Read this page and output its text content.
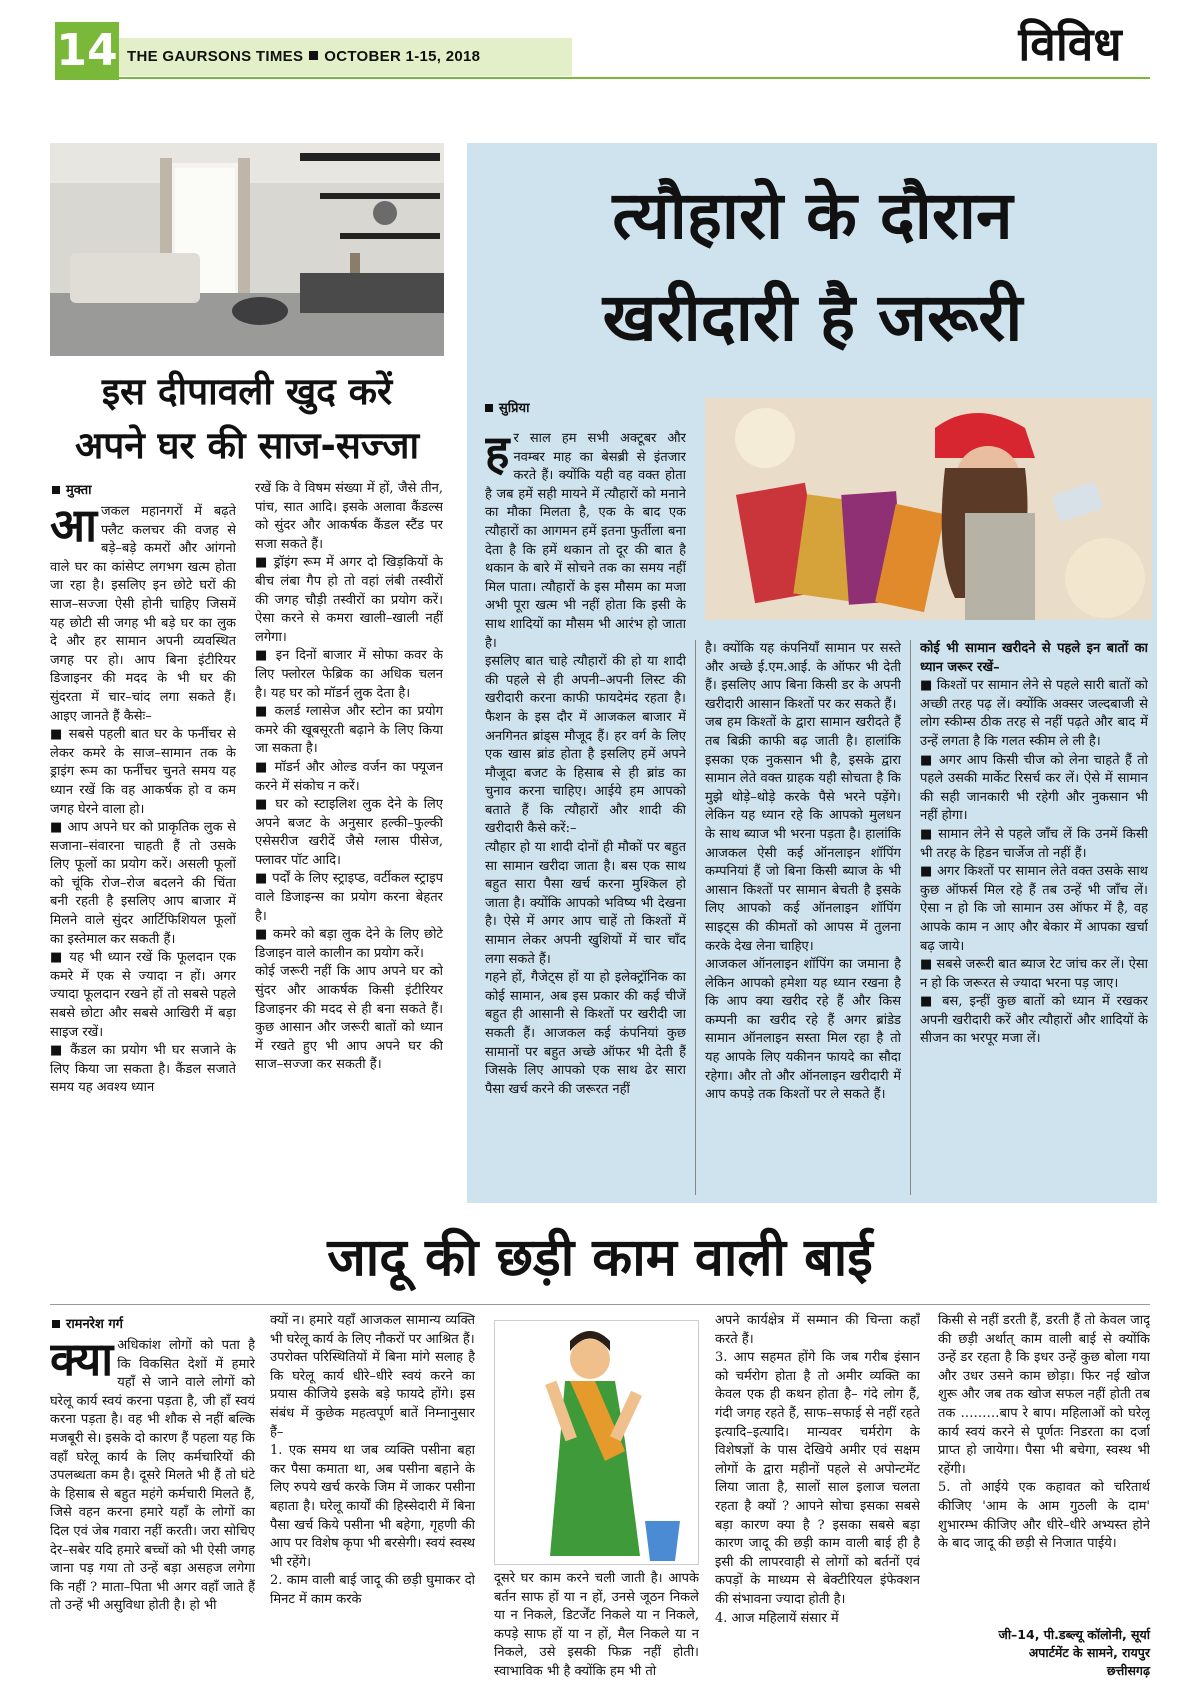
14 THE GAURSONS TIMES OCTOBER 1-15, 2018	विविध
इस दीपावली खुद करें
अपने घर की साज-सज्जा
मुक्ता
आजकल महानगरों में बढ़ते फ्लैट कलचर की वजह से बड़े–बड़े कमरों और आंगनो वाले घर का कांसेप्ट लगभग खत्म होता जा रहा है। इसलिए इन छोटे घरों की साज–सज्जा ऐसी होनी चाहिए जिसमें यह छोटी सी जगह भी बड़े घर का लुक दे और हर सामान अपनी व्यवस्थित जगह पर हो। आप बिना इंटीरियर डिजाइनर की मदद के भी घर की सुंदरता में चार–चांद लगा सकते हैं। आइए जानते हैं कैसेः–
■ सबसे पहली बात घर के फर्नीचर से लेकर कमरे के साज–सामान तक के ड्राइंग रूम का फर्नीचर चुनते समय यह ध्यान रखें कि वह आकर्षक हो व कम जगह घेरने वाला हो।
■ आप अपने घर को प्राकृतिक लुक से सजाना–संवारना चाहती हैं तो उसके लिए फूलों का प्रयोग करें। असली फूलों को चूंकि रोज–रोज बदलने की चिंता बनी रहती है इसलिए आप बाजार में मिलने वाले सुंदर आर्टिफिशियल फूलों का इस्तेमाल कर सकती हैं।
■ यह भी ध्यान रखें कि फूलदान एक कमरे में एक से ज्यादा न हों। अगर ज्यादा फूलदान रखने हों तो सबसे पहले सबसे छोटा और सबसे आखिरी में बड़ा साइज रखें।
■ कैंडल का प्रयोग भी घर सजाने के लिए किया जा सकता है। कैंडल सजाते समय यह अवश्य ध्यान
रखें कि वे विषम संख्या में हों, जैसे तीन, पांच, सात आदि। इसके अलावा कैंडल्स को सुंदर और आकर्षक कैंडल स्टैंड पर सजा सकते हैं।
■ ड्रॉइंग रूम में अगर दो खिड़कियों के बीच लंबा गैप हो तो वहां लंबी तस्वीरों की जगह चौड़ी तस्वीरों का प्रयोग करें। ऐसा करने से कमरा खाली–खाली नहीं लगेगा।
■ इन दिनों बाजार में सोफा कवर के लिए फ्लोरल फेब्रिक का अधिक चलन है। यह घर को मॉडर्न लुक देता है।
■ कलर्ड ग्लासेज और स्टोन का प्रयोग कमरे की खूबसूरती बढ़ाने के लिए किया जा सकता है।
■ मॉडर्न और ओल्ड वर्जन का फ्यूजन करने में संकोच न करें।
■ घर को स्टाइलिश लुक देने के लिए अपने बजट के अनुसार हल्की–फुल्की एसेसरीज खरीदें जैसे ग्लास पीसेज, फ्लावर पॉट आदि।
■ पर्दों के लिए स्ट्राइप्ड, वर्टीकल स्ट्राइप वाले डिजाइन्स का प्रयोग करना बेहतर है।
■ कमरे को बड़ा लुक देने के लिए छोटे डिजाइन वाले कालीन का प्रयोग करें।
कोई जरूरी नहीं कि आप अपने घर को सुंदर और आकर्षक किसी इंटीरियर डिजाइनर की मदद से ही बना सकते हैं। कुछ आसान और जरूरी बातों को ध्यान में रखते हुए भी आप अपने घर की साज–सज्जा कर सकती हैं।
त्यौहारो के दौरान
खरीदारी है जरूरी
सुप्रिया
हर साल हम सभी अक्टूबर और नवम्बर माह का बेसब्री से इंतजार करते हैं। क्योंकि यही वह वक्त होता है जब हमें सही मायने में त्यौहारों को मनाने का मौका मिलता है, एक के बाद एक त्यौहारों का आगमन हमें इतना फुर्तीला बना देता है कि हमें थकान तो दूर की बात है थकान के बारे में सोचने तक का समय नहीं मिल पाता। त्यौहारों के इस मौसम का मजा अभी पूरा खत्म भी नहीं होता कि इसी के साथ शादियों का मौसम भी आरंभ हो जाता है।
इसलिए बात चाहे त्यौहारों की हो या शादी की पहले से ही अपनी–अपनी लिस्ट की खरीदारी करना काफी फायदेमंद रहता है। फैशन के इस दौर में आजकल बाजार में अनगिनत ब्रांड्स मौजूद हैं। हर वर्ग के लिए एक खास ब्रांड होता है इसलिए हमें अपने मौजूदा बजट के हिसाब से ही ब्रांड का चुनाव करना चाहिए। आईये हम आपको बताते हैं कि त्यौहारों और शादी की खरीदारी कैसे करें:–
त्यौहार हो या शादी दोनों ही मौकों पर बहुत सा सामान खरीदा जाता है। बस एक साथ बहुत सारा पैसा खर्च करना मुश्किल हो जाता है। क्योंकि आपको भविष्य भी देखना है। ऐसे में अगर आप चाहें तो किश्तों में सामान लेकर अपनी खुशियों में चार चाँद लगा सकते हैं।
गहने हों, गैजेट्स हों या हो इलेक्ट्रॉनिक का कोई सामान, अब इस प्रकार की कई चीजें बहुत ही आसानी से किश्तों पर खरीदी जा सकती हैं। आजकल कई कंपनियां कुछ सामानों पर बहुत अच्छे ऑफर भी देती हैं जिसके लिए आपको एक साथ ढेर सारा पैसा खर्च करने की जरूरत नहीं
है। क्योंकि यह कंपनियाँ सामान पर सस्ते और अच्छे ई.एम.आई. के ऑफर भी देती हैं। इसलिए आप बिना किसी डर के अपनी खरीदारी आसान किश्तों पर कर सकते हैं।
जब हम किश्तों के द्वारा सामान खरीदते हैं तब बिक्री काफी बढ़ जाती है। हालांकि इसका एक नुकसान भी है, इसके द्वारा सामान लेते वक्त ग्राहक यही सोचता है कि मुझे थोड़े–थोड़े करके पैसे भरने पड़ेंगे। लेकिन यह ध्यान रहे कि आपको मुलधन के साथ ब्याज भी भरना पड़ता है। हालांकि आजकल ऐसी कई ऑनलाइन शॉपिंग कम्पनियां हैं जो बिना किसी ब्याज के भी आसान किश्तों पर सामान बेचती है इसके लिए आपको कई ऑनलाइन शॉपिंग साइट्स की कीमतों को आपस में तुलना करके देख लेना चाहिए।
आजकल ऑनलाइन शॉपिंग का जमाना है लेकिन आपको हमेशा यह ध्यान रखना है कि आप क्या खरीद रहे हैं और किस कम्पनी का खरीद रहे हैं अगर ब्रांडेड सामान ऑनलाइन सस्ता मिल रहा है तो यह आपके लिए यकीनन फायदे का सौदा रहेगा। और तो और ऑनलाइन खरीदारी में आप कपड़े तक किश्तों पर ले सकते हैं।
कोई भी सामान खरीदने से पहले इन बातों का ध्यान जरूर रखें–
■ किश्तों पर सामान लेने से पहले सारी बातों को अच्छी तरह पढ़ लें। क्योंकि अक्सर जल्दबाजी से लोग स्कीम्स ठीक तरह से नहीं पढ़ते और बाद में उन्हें लगता है कि गलत स्कीम ले ली है।
■ अगर आप किसी चीज को लेना चाहते हैं तो पहले उसकी मार्केट रिसर्च कर लें। ऐसे में सामान की सही जानकारी भी रहेगी और नुकसान भी नहीं होगा।
■ सामान लेने से पहले जाँच लें कि उनमें किसी भी तरह के हिडन चार्जेज तो नहीं हैं।
■ अगर किश्तों पर सामान लेते वक्त उसके साथ कुछ ऑफर्स मिल रहे हैं तब उन्हें भी जाँच लें। ऐसा न हो कि जो सामान उस ऑफर में है, वह आपके काम न आए और बेकार में आपका खर्चा बढ़ जाये।
■ सबसे जरूरी बात ब्याज रेट जांच कर लें। ऐसा न हो कि जरूरत से ज्यादा भरना पड़ जाए।
■ बस, इन्हीं कुछ बातों को ध्यान में रखकर अपनी खरीदारी करें और त्यौहारों और शादियों के सीजन का भरपूर मजा लें।
जादू की छड़ी काम वाली बाई
रामनरेश गर्ग
क्या अधिकांश लोगों को पता है कि विकसित देशों में हमारे यहाँ से जाने वाले लोगों को घरेलू कार्य स्वयं करना पड़ता है, जी हाँ स्वयं करना पड़ता है। वह भी शौक से नहीं बल्कि मजबूरी से। इसके दो कारण हैं पहला यह कि वहाँ घरेलू कार्य के लिए कर्मचारियों की उपलब्धता कम है। दूसरे मिलते भी हैं तो घंटे के हिसाब से बहुत महंगे कर्मचारी मिलते हैं, जिसे वहन करना हमारे यहाँ के लोगों का दिल एवं जेब गवारा नहीं करती। जरा सोचिए देर–सबेर यदि हमारे बच्चों को भी ऐसी जगह जाना पड़ गया तो उन्हें बड़ा असहज लगेगा कि नहीं ? माता–पिता भी अगर वहाँ जाते हैं तो उन्हें भी असुविधा होती है। हो भी
क्यों न। हमारे यहाँ आजकल सामान्य व्यक्ति भी घरेलू कार्य के लिए नौकरों पर आश्रित हैं।
उपरोक्त परिस्थितियों में बिना मांगे सलाह है कि घरेलू कार्य धीरे–धीरे स्वयं करने का प्रयास कीजिये इसके बड़े फायदे होंगे। इस संबंध में कुछेक महत्वपूर्ण बातें निम्नानुसार हैं–
1. एक समय था जब व्यक्ति पसीना बहा कर पैसा कमाता था, अब पसीना बहाने के लिए रुपये खर्च करके जिम में जाकर पसीना बहाता है। घरेलू कार्यों की हिस्सेदारी में बिना पैसा खर्च किये पसीना भी बहेगा, गृहणी की आप पर विशेष कृपा भी बरसेगी। स्वयं स्वस्थ भी रहेंगे।
2. काम वाली बाई जादू की छड़ी घुमाकर दो मिनट में काम करके
दूसरे घर काम करने चली जाती है। आपके बर्तन साफ हों या न हों, उनसे जूठन निकले या न निकले, डिटर्जेंट निकले या न निकले, कपड़े साफ हों या न हों, मैल निकले या न निकले, उसे इसकी फिक्र नहीं होती। स्वाभाविक भी है क्योंकि हम भी तो
अपने कार्यक्षेत्र में सम्मान की चिन्ता कहाँ करते हैं।
3. आप सहमत होंगे कि जब गरीब इंसान को चर्मरोग होता है तो अमीर व्यक्ति का केवल एक ही कथन होता है– गंदे लोग हैं, गंदी जगह रहते हैं, साफ–सफाई से नहीं रहते इत्यादि–इत्यादि। मान्यवर चर्मरोग के विशेषज्ञों के पास देखिये अमीर एवं सक्षम लोगों के द्वारा महीनों पहले से अपोन्टमेंट लिया जाता है, सालों साल इलाज चलता रहता है क्यों ? आपने सोचा इसका सबसे बड़ा कारण क्या है ? इसका सबसे बड़ा कारण जादू की छड़ी काम वाली बाई ही है इसी की लापरवाही से लोगों को बर्तनों एवं कपड़ों के माध्यम से बेक्टीरियल इंफेक्शन की संभावना ज्यादा होती है।
4. आज महिलायें संसार में
किसी से नहीं डरती हैं, डरती हैं तो केवल जादू की छड़ी अर्थात् काम वाली बाई से क्योंकि उन्हें डर रहता है कि इधर उन्हें कुछ बोला गया और उधर उसने काम छोड़ा। फिर नई खोज शुरू और जब तक खोज सफल नहीं होती तब तक ………बाप रे बाप। महिलाओं को घरेलू कार्य स्वयं करने से पूर्णतः निडरता का दर्जा प्राप्त हो जायेगा। पैसा भी बचेगा, स्वस्थ भी रहेंगी।
5. तो आईये एक कहावत को चरितार्थ कीजिए 'आम के आम गुठली के दाम' शुभारम्भ कीजिए और धीरे–धीरे अभ्यस्त होने के बाद जादू की छड़ी से निजात पाईये।
जी–14, पी.डब्ल्यू कॉलोनी, सूर्या
अपार्टमेंट के सामने, रायपुर
छत्तीसगढ़
